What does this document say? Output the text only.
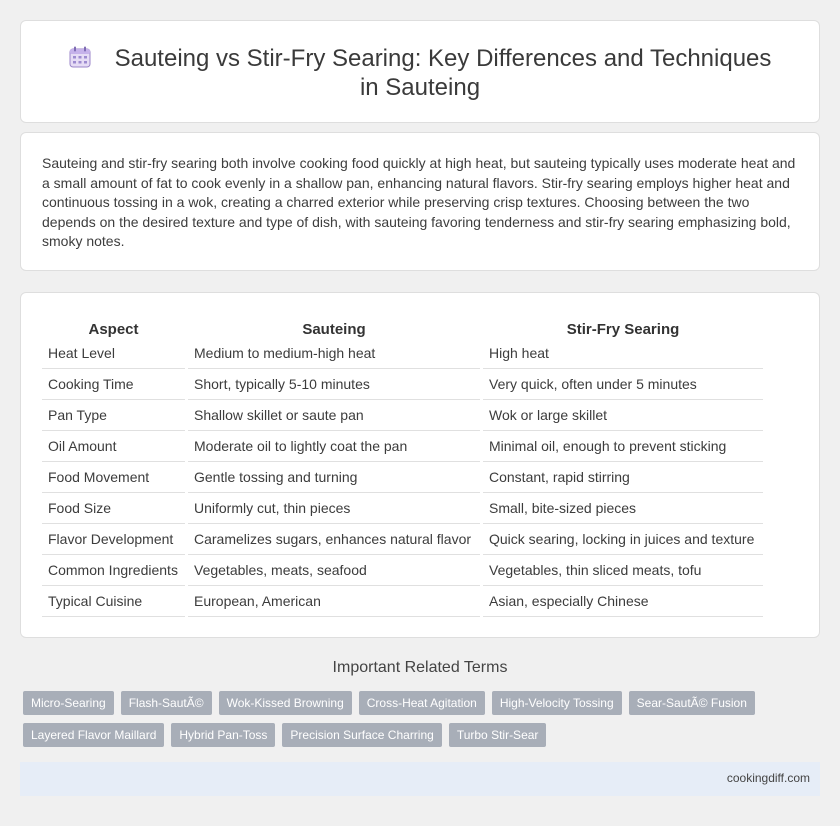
Sauteing vs Stir-Fry Searing: Key Differences and Techniques in Sauteing

Sauteing and stir-fry searing both involve cooking food quickly at high heat, but sauteing typically uses moderate heat and a small amount of fat to cook evenly in a shallow pan, enhancing natural flavors. Stir-fry searing employs higher heat and continuous tossing in a wok, creating a charred exterior while preserving crisp textures. Choosing between the two depends on the desired texture and type of dish, with sauteing favoring tenderness and stir-fry searing emphasizing bold, smoky notes.

Aspect		Sauteing		Stir-Fry Searing
Heat Level		Medium to medium-high heat		High heat
Cooking Time		Short, typically 5-10 minutes		Very quick, often under 5 minutes
Pan Type		Shallow skillet or saute pan		Wok or large skillet
Oil Amount		Moderate oil to lightly coat the pan		Minimal oil, enough to prevent sticking
Food Movement		Gentle tossing and turning		Constant, rapid stirring
Food Size		Uniformly cut, thin pieces		Small, bite-sized pieces
Flavor Development		Caramelizes sugars, enhances natural flavor		Quick searing, locking in juices and texture
Common Ingredients		Vegetables, meats, seafood		Vegetables, thin sliced meats, tofu
Typical Cuisine		European, American		Asian, especially Chinese
Important Related Terms
Micro-Searing	Flash-SautÃ©	Wok-Kissed Browning	Cross-Heat Agitation	High-Velocity Tossing	Sear-SautÃ© Fusion
Layered Flavor Maillard	Hybrid Pan-Toss	Precision Surface Charring	Turbo Stir-Sear
cookingdiff.com
